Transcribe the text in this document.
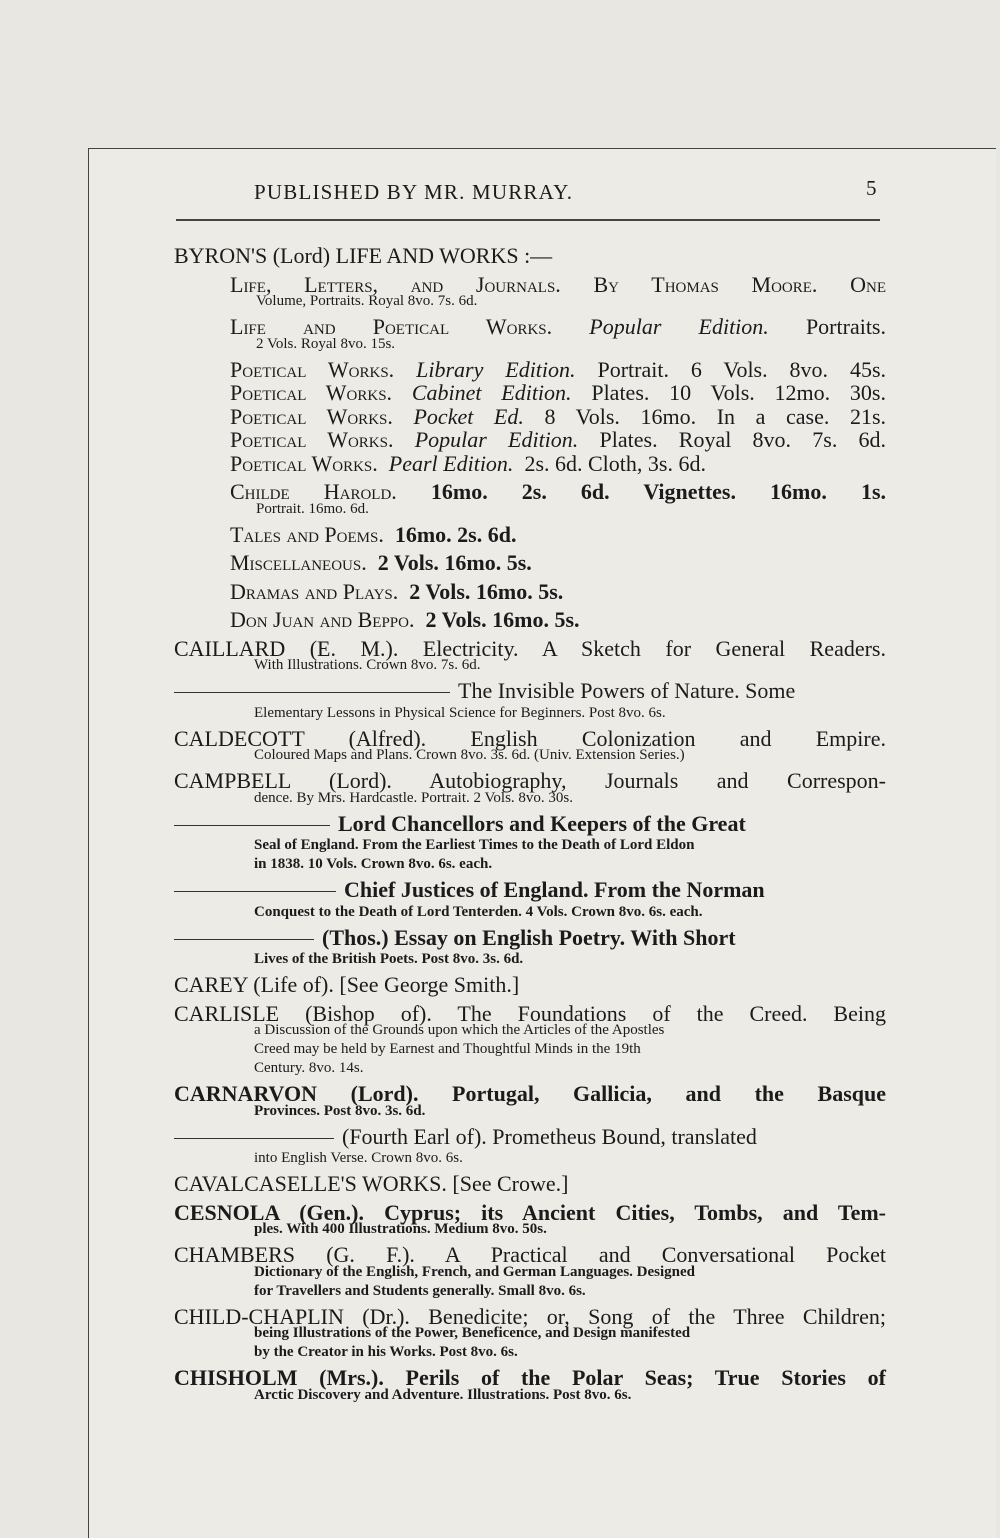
PUBLISHED BY MR. MURRAY.	5
BYRON'S (Lord) LIFE AND WORKS :—
Life, Letters, and Journals. By Thomas Moore. One
Volume, Portraits. Royal 8vo. 7s. 6d.
Life and Poetical Works. Popular Edition. Portraits.
2 Vols. Royal 8vo. 15s.
Poetical Works. Library Edition. Portrait. 6 Vols. 8vo. 45s.
Poetical Works. Cabinet Edition. Plates. 10 Vols. 12mo. 30s.
Poetical Works. Pocket Ed. 8 Vols. 16mo. In a case. 21s.
Poetical Works. Popular Edition. Plates. Royal 8vo. 7s. 6d.
Poetical Works. Pearl Edition. 2s. 6d. Cloth, 3s. 6d.
Childe Harold. 16mo. 2s. 6d. Vignettes. 16mo. 1s.
Portrait. 16mo. 6d.
Tales and Poems. 16mo. 2s. 6d.
Miscellaneous. 2 Vols. 16mo. 5s.
Dramas and Plays. 2 Vols. 16mo. 5s.
Don Juan and Beppo. 2 Vols. 16mo. 5s.
CAILLARD (E. M.). Electricity. A Sketch for General Readers.
With Illustrations. Crown 8vo. 7s. 6d.
The Invisible Powers of Nature. Some
Elementary Lessons in Physical Science for Beginners. Post 8vo. 6s.
CALDECOTT (Alfred). English Colonization and Empire.
Coloured Maps and Plans. Crown 8vo. 3s. 6d. (Univ. Extension Series.)
CAMPBELL (Lord). Autobiography, Journals and Correspon-
dence. By Mrs. Hardcastle. Portrait. 2 Vols. 8vo. 30s.
Lord Chancellors and Keepers of the Great
Seal of England. From the Earliest Times to the Death of Lord Eldon
in 1838. 10 Vols. Crown 8vo. 6s. each.
Chief Justices of England. From the Norman
Conquest to the Death of Lord Tenterden. 4 Vols. Crown 8vo. 6s. each.
(Thos.) Essay on English Poetry. With Short
Lives of the British Poets. Post 8vo. 3s. 6d.
CAREY (Life of). [See George Smith.]
CARLISLE (Bishop of). The Foundations of the Creed. Being
a Discussion of the Grounds upon which the Articles of the Apostles
Creed may be held by Earnest and Thoughtful Minds in the 19th
Century. 8vo. 14s.
CARNARVON (Lord). Portugal, Gallicia, and the Basque
Provinces. Post 8vo. 3s. 6d.
(Fourth Earl of). Prometheus Bound, translated
into English Verse. Crown 8vo. 6s.
CAVALCASELLE'S WORKS. [See Crowe.]
CESNOLA (Gen.). Cyprus; its Ancient Cities, Tombs, and Tem-
ples. With 400 Illustrations. Medium 8vo. 50s.
CHAMBERS (G. F.). A Practical and Conversational Pocket
Dictionary of the English, French, and German Languages. Designed
for Travellers and Students generally. Small 8vo. 6s.
CHILD-CHAPLIN (Dr.). Benedicite; or, Song of the Three Children;
being Illustrations of the Power, Beneficence, and Design manifested
by the Creator in his Works. Post 8vo. 6s.
CHISHOLM (Mrs.). Perils of the Polar Seas; True Stories of
Arctic Discovery and Adventure. Illustrations. Post 8vo. 6s.
